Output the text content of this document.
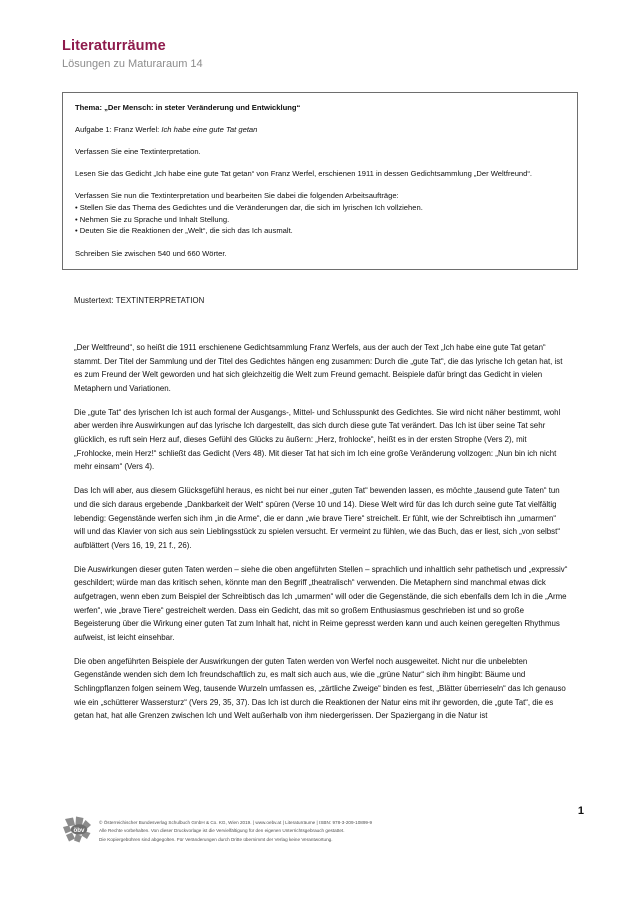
Literaturräume
Lösungen zu Maturaraum 14
Thema: „Der Mensch: in steter Veränderung und Entwicklung“
Aufgabe 1: Franz Werfel: Ich habe eine gute Tat getan
Verfassen Sie eine Textinterpretation.
Lesen Sie das Gedicht „Ich habe eine gute Tat getan“ von Franz Werfel, erschienen 1911 in dessen Gedichtsammlung „Der Weltfreund“.
Verfassen Sie nun die Textinterpretation und bearbeiten Sie dabei die folgenden Arbeitsaufträge:
• Stellen Sie das Thema des Gedichtes und die Veränderungen dar, die sich im lyrischen Ich vollziehen.
• Nehmen Sie zu Sprache und Inhalt Stellung.
• Deuten Sie die Reaktionen der „Welt“, die sich das Ich ausmalt.
Schreiben Sie zwischen 540 und 660 Wörter.
Mustertext: TEXTINTERPRETATION

„Der Weltfreund“, so heißt die 1911 erschienene Gedichtsammlung Franz Werfels, aus der auch der Text „Ich habe eine gute Tat getan“ stammt. Der Titel der Sammlung und der Titel des Gedichtes hängen eng zusammen: Durch die „gute Tat“, die das lyrische Ich getan hat, ist es zum Freund der Welt geworden und hat sich gleichzeitig die Welt zum Freund gemacht. Beispiele dafür bringt das Gedicht in vielen Metaphern und Variationen.

Die „gute Tat“ des lyrischen Ich ist auch formal der Ausgangs-, Mittel- und Schlusspunkt des Gedichtes. Sie wird nicht näher bestimmt, wohl aber werden ihre Auswirkungen auf das lyrische Ich dargestellt, das sich durch diese gute Tat verändert. Das Ich ist über seine Tat sehr glücklich, es ruft sein Herz auf, dieses Gefühl des Glücks zu äußern: „Herz, frohlocke“, heißt es in der ersten Strophe (Vers 2), mit „Frohlocke, mein Herz!“ schließt das Gedicht (Vers 48). Mit dieser Tat hat sich im Ich eine große Veränderung vollzogen: „Nun bin ich nicht mehr einsam“ (Vers 4).

Das Ich will aber, aus diesem Glücksgefühl heraus, es nicht bei nur einer „guten Tat“ bewenden lassen, es möchte „tausend gute Taten“ tun und die sich daraus ergebende „Dankbarkeit der Welt“ spüren (Verse 10 und 14). Diese Welt wird für das Ich durch seine gute Tat vielfältig lebendig: Gegenstände werfen sich ihm „in die Arme“, die er dann „wie brave Tiere“ streichelt. Er fühlt, wie der Schreibtisch ihn „umarmen“ will und das Klavier von sich aus sein Lieblingsstück zu spielen versucht. Er vermeint zu fühlen, wie das Buch, das er liest, sich „von selbst“ aufblättert (Vers 16, 19, 21 f., 26).

Die Auswirkungen dieser guten Taten werden – siehe die oben angeführten Stellen – sprachlich und inhaltlich sehr pathetisch und „expressiv“ geschildert; würde man das kritisch sehen, könnte man den Begriff „theatralisch“ verwenden. Die Metaphern sind manchmal etwas dick aufgetragen, wenn eben zum Beispiel der Schreibtisch das Ich „umarmen“ will oder die Gegenstände, die sich ebenfalls dem Ich in die „Arme werfen“, wie „brave Tiere“ gestreichelt werden. Dass ein Gedicht, das mit so großem Enthusiasmus geschrieben ist und so große Begeisterung über die Wirkung einer guten Tat zum Inhalt hat, nicht in Reime gepresst werden kann und auch keinen geregelten Rhythmus aufweist, ist leicht einsehbar.

Die oben angeführten Beispiele der Auswirkungen der guten Taten werden von Werfel noch ausgeweitet. Nicht nur die unbelebten Gegenstände wenden sich dem Ich freundschaftlich zu, es malt sich auch aus, wie die „grüne Natur“ sich ihm hingibt: Bäume und Schlingpflanzen folgen seinem Weg, tausende Wurzeln umfassen es, „zärtliche Zweige“ binden es fest, „Blätter überrieseln“ das Ich genauso wie ein „schütterer Wassersturz“ (Vers 29, 35, 37). Das Ich ist durch die Reaktionen der Natur eins mit ihr geworden, die „gute Tat“, die es getan hat, hat alle Grenzen zwischen Ich und Welt außerhalb von ihm niedergerissen. Der Spaziergang in die Natur ist

1
öbv
© Österreichischer Bundesverlag Schulbuch GmbH & Co. KG, Wien 2019. | www.oebv.at | Literaturräume | ISBN: 978-3-209-10899-9
Alle Rechte vorbehalten. Von dieser Druckvorlage ist die Vervielfältigung für den eigenen Unterrichtsgebrauch gestattet.
Die Kopiergebühren sind abgegolten. Für Veränderungen durch Dritte übernimmt der Verlag keine Verantwortung.
